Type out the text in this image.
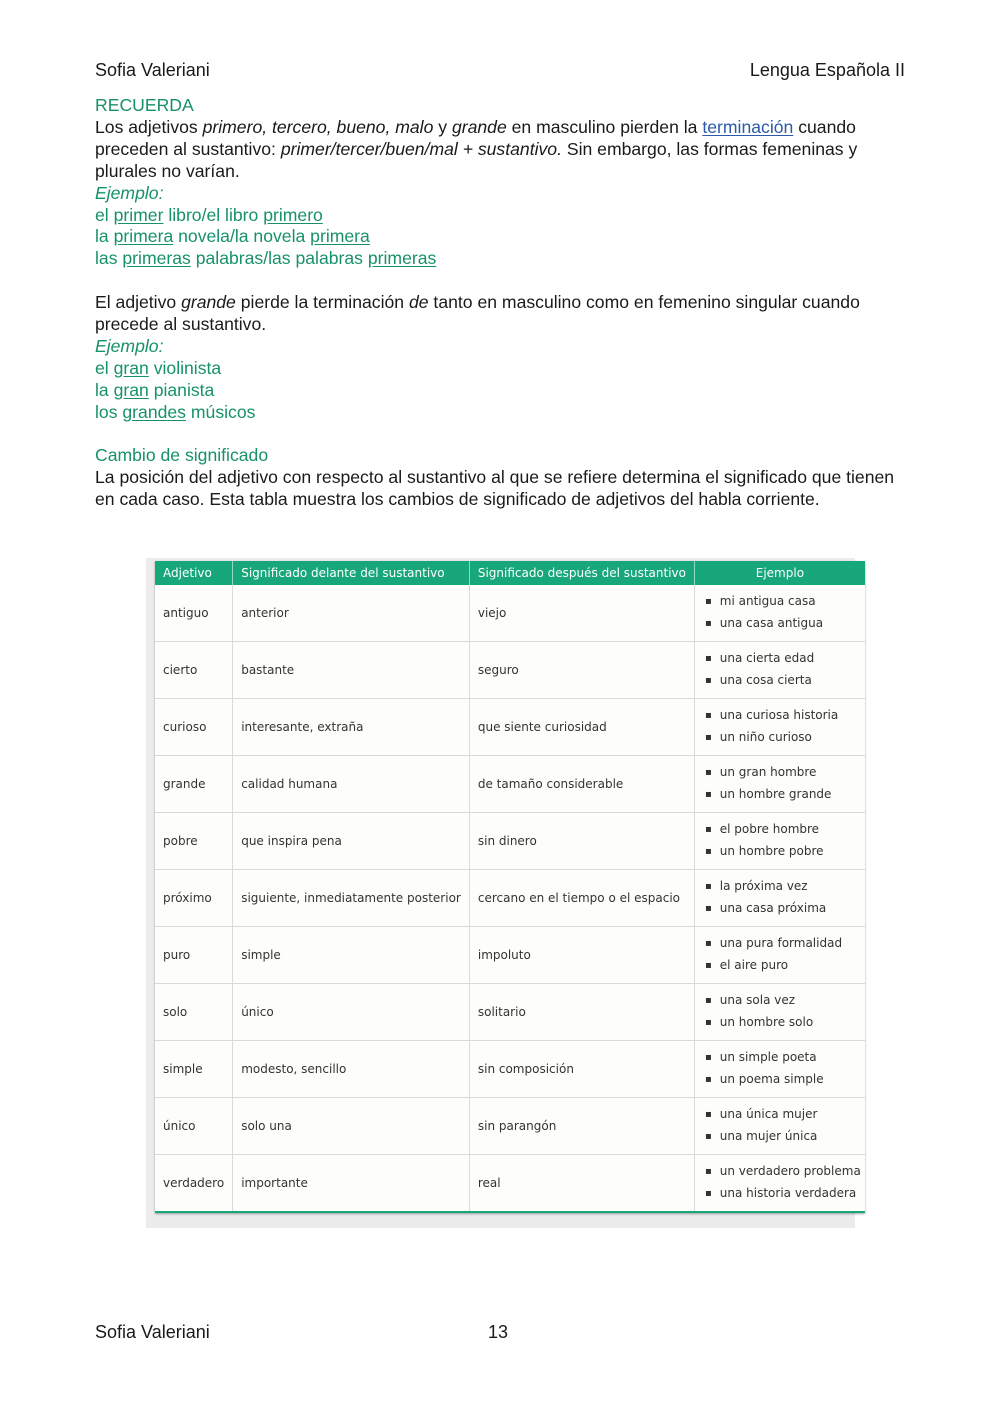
Sofia Valeriani	Lengua Española II

RECUERDA

Los adjetivos primero, tercero, bueno, malo y grande en masculino pierden la terminación cuando preceden al sustantivo: primer/tercer/buen/mal + sustantivo. Sin embargo, las formas femeninas y plurales no varían.

Ejemplo:

el primer libro/el libro primero

la primera novela/la novela primera

las primeras palabras/las palabras primeras

El adjetivo grande pierde la terminación de tanto en masculino como en femenino singular cuando precede al sustantivo.

Ejemplo:

el gran violinista

la gran pianista

los grandes músicos

Cambio de significado

La posición del adjetivo con respecto al sustantivo al que se refiere determina el significado que tienen en cada caso. Esta tabla muestra los cambios de significado de adjetivos del habla corriente.

Adjetivo	Significado delante del sustantivo	Significado después del sustantivo	Ejemplo
antiguo	anterior	viejo	▪ mi antigua casa
▪ una casa antigua

cierto	bastante	seguro	▪ una cierta edad
▪ una cosa cierta

curioso	interesante, extraña	que siente curiosidad	▪ una curiosa historia
▪ un niño curioso

grande	calidad humana	de tamaño considerable	▪ un gran hombre
▪ un hombre grande

pobre	que inspira pena	sin dinero	▪ el pobre hombre
▪ un hombre pobre

próximo	siguiente, inmediatamente posterior	cercano en el tiempo o el espacio	▪ la próxima vez
▪ una casa próxima

puro	simple	impoluto	▪ una pura formalidad
▪ el aire puro

solo	único	solitario	▪ una sola vez
▪ un hombre solo

simple	modesto, sencillo	sin composición	▪ un simple poeta
▪ un poema simple

único	solo una	sin parangón	▪ una única mujer
▪ una mujer única

verdadero	importante	real	▪ un verdadero problema
▪ una historia verdadera
Sofia Valeriani	13
